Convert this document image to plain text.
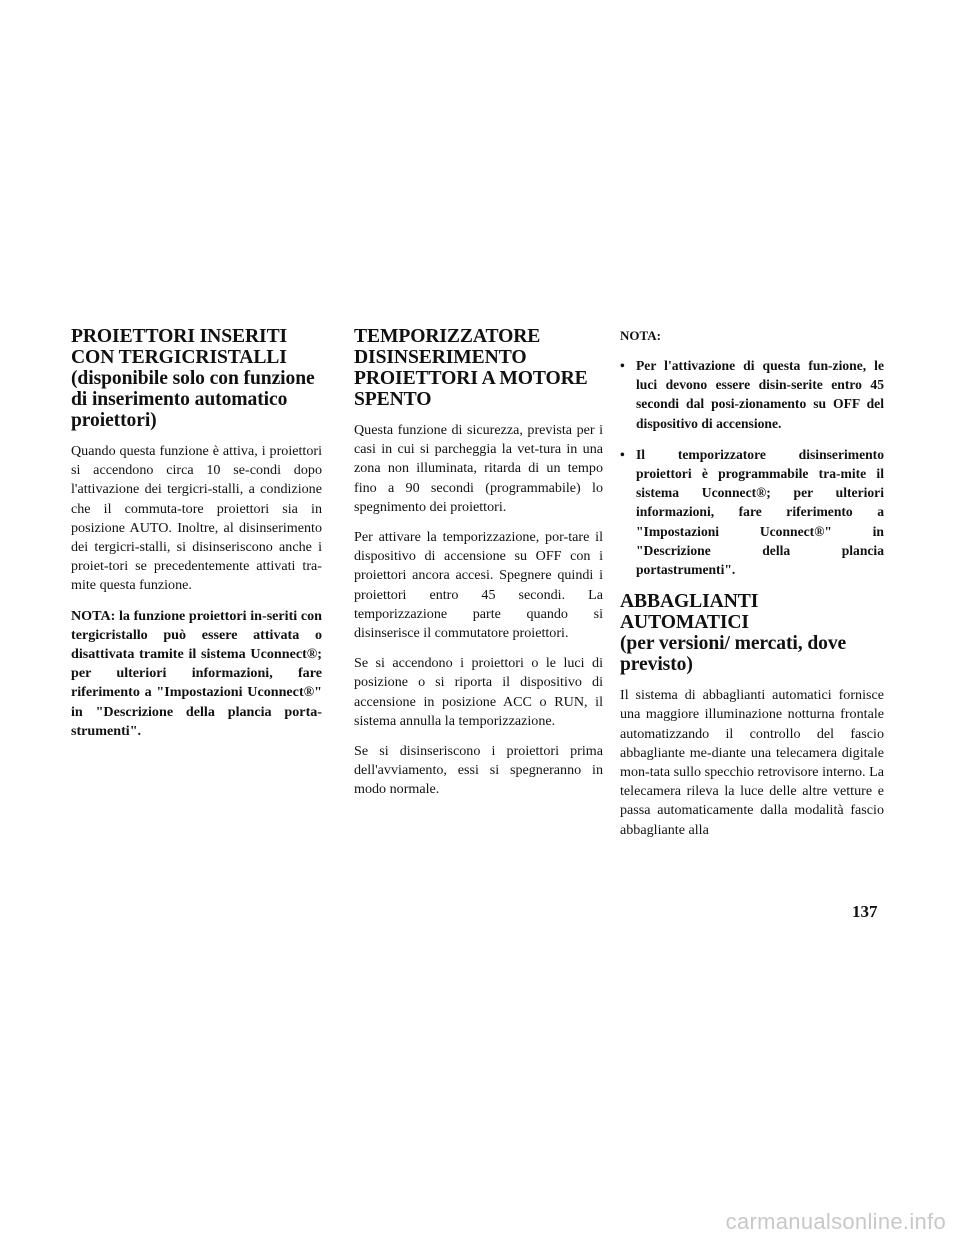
PROIETTORI INSERITI CON TERGICRISTALLI
(disponibile solo con funzione di inserimento automatico proiettori)

Quando questa funzione è attiva, i proiettori si accendono circa 10 se-condi dopo l'attivazione dei tergicri-stalli, a condizione che il commuta-tore proiettori sia in posizione AUTO. Inoltre, al disinserimento dei tergicri-stalli, si disinseriscono anche i proiet-tori se precedentemente attivati tra-mite questa funzione.

NOTA: la funzione proiettori in-seriti con tergicristallo può essere attivata o disattivata tramite il sistema Uconnect®; per ulteriori informazioni, fare riferimento a "Impostazioni Uconnect®" in "Descrizione della plancia porta-strumenti".

TEMPORIZZATORE DISINSERIMENTO PROIETTORI A MOTORE SPENTO

Questa funzione di sicurezza, prevista per i casi in cui si parcheggia la vet-tura in una zona non illuminata, ritarda di un tempo fino a 90 secondi (programmabile) lo spegnimento dei proiettori.

Per attivare la temporizzazione, por-tare il dispositivo di accensione su OFF con i proiettori ancora accesi. Spegnere quindi i proiettori entro 45 secondi. La temporizzazione parte quando si disinserisce il commutatore proiettori.

Se si accendono i proiettori o le luci di posizione o si riporta il dispositivo di accensione in posizione ACC o RUN, il sistema annulla la temporizzazione.

Se si disinseriscono i proiettori prima dell'avviamento, essi si spegneranno in modo normale.

NOTA:
• Per l'attivazione di questa fun-zione, le luci devono essere disin-serite entro 45 secondi dal posi-zionamento su OFF del dispositivo di accensione.
• Il temporizzatore disinserimento proiettori è programmabile tra-mite il sistema Uconnect®; per ulteriori informazioni, fare riferimento a "Impostazioni Uconnect®" in "Descrizione della plancia portastrumenti".
ABBAGLIANTI AUTOMATICI
(per versioni/ mercati, dove previsto)

Il sistema di abbaglianti automatici fornisce una maggiore illuminazione notturna frontale automatizzando il controllo del fascio abbagliante me-diante una telecamera digitale mon-tata sullo specchio retrovisore interno. La telecamera rileva la luce delle altre vetture e passa automaticamente dalla modalità fascio abbagliante alla

137
carmanualsonline.info
